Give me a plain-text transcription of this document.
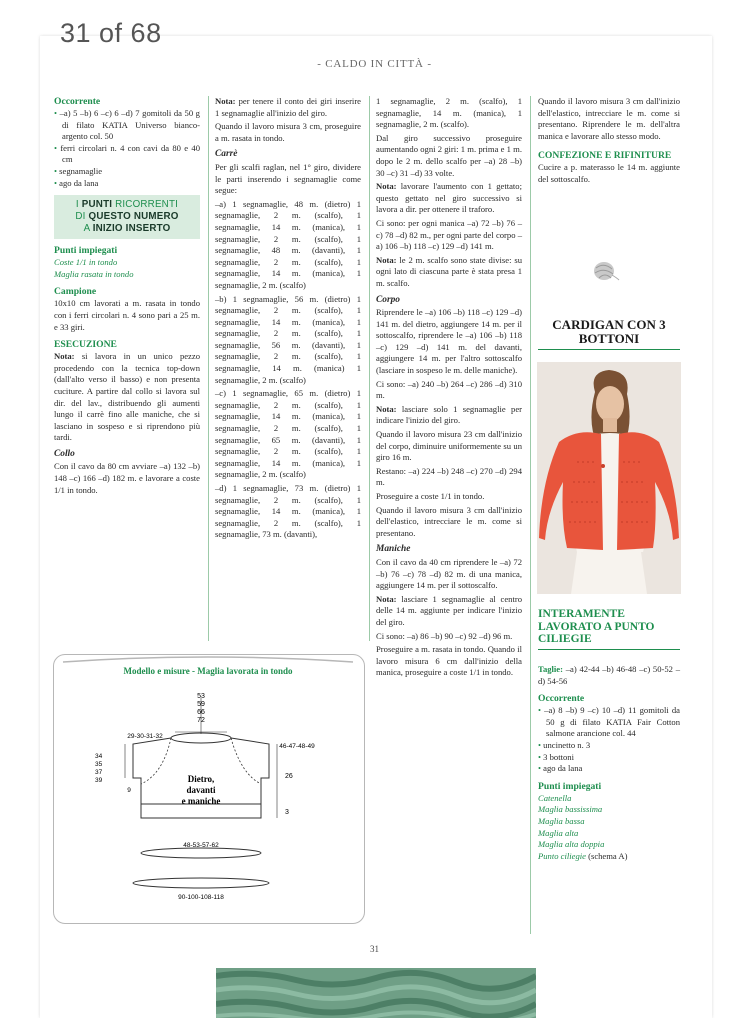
31 of 68
- CALDO IN CITTÀ -
Occorrente
• –a) 5 –b) 6 –c) 6 –d) 7 gomitoli da 50 g di filato KATIA Universo bianco-argento col. 50
• ferri circolari n. 4 con cavi da 80 e 40 cm
• segnamaglie
• ago da lana
I PUNTI RICORRENTI
DI QUESTO NUMERO
A INIZIO INSERTO
Punti impiegati
Coste 1/1 in tondo
Maglia rasata in tondo
Campione

10x10 cm lavorati a m. rasata in tondo con i ferri circolari n. 4 sono pari a 25 m. e 33 giri.

ESECUZIONE

Nota: si lavora in un unico pezzo procedendo con la tecnica top-down (dall'alto verso il basso) e non presenta cuciture. A partire dal collo si lavora sul dir. del lav., distribuendo gli aumenti lungo il carrè fino alle maniche, che si lasciano in sospeso e si riprendono più tardi.

Collo

Con il cavo da 80 cm avviare –a) 132 –b) 148 –c) 166 –d) 182 m. e lavorare a coste 1/1 in tondo.

Nota: per tenere il conto dei giri inserire 1 segnamaglie all'inizio del giro.

Quando il lavoro misura 3 cm, proseguire a m. rasata in tondo.

Carrè

Per gli scalfi raglan, nel 1° giro, dividere le parti inserendo i segnamaglie come segue:

–a) 1 segnamaglie, 48 m. (dietro) 1 segnamaglie, 2 m. (scalfo), 1 segnamaglie, 14 m. (manica), 1 segnamaglie, 2 m. (scalfo), 1 segnamaglie, 48 m. (davanti), 1 segnamaglie, 2 m. (scalfo), 1 segnamaglie, 14 m. (manica), 1 segnamaglie, 2 m. (scalfo)

–b) 1 segnamaglie, 56 m. (dietro) 1 segnamaglie, 2 m. (scalfo), 1 segnamaglie, 14 m. (manica), 1 segnamaglie, 2 m. (scalfo), 1 segnamaglie, 56 m. (davanti), 1 segnamaglie, 2 m. (scalfo), 1 segnamaglie, 14 m. (manica) 1 segnamaglie, 2 m. (scalfo)

–c) 1 segnamaglie, 65 m. (dietro) 1 segnamaglie, 2 m. (scalfo), 1 segnamaglie, 14 m. (manica), 1 segnamaglie, 2 m. (scalfo), 1 segnamaglie, 65 m. (davanti), 1 segnamaglie, 2 m. (scalfo), 1 segnamaglie, 14 m. (manica), 1 segnamaglie, 2 m. (scalfo)

–d) 1 segnamaglie, 73 m. (dietro) 1 segnamaglie, 2 m. (scalfo), 1 segnamaglie, 14 m. (manica), 1 segnamaglie, 2 m. (scalfo), 1 segnamaglie, 73 m. (davanti),

1 segnamaglie, 2 m. (scalfo), 1 segnamaglie, 14 m. (manica), 1 segnamaglie, 2 m. (scalfo).

Dal giro successivo proseguire aumentando ogni 2 giri: 1 m. prima e 1 m. dopo le 2 m. dello scalfo per –a) 28 –b) 30 –c) 31 –d) 33 volte.

Nota: lavorare l'aumento con 1 gettato; questo gettato nel giro successivo si lavora a dir. per ottenere il traforo.

Ci sono: per ogni manica –a) 72 –b) 76 –c) 78 –d) 82 m., per ogni parte del corpo –a) 106 –b) 118 –c) 129 –d) 141 m.

Nota: le 2 m. scalfo sono state divise: su ogni lato di ciascuna parte è stata presa 1 m. scalfo.

Corpo

Riprendere le –a) 106 –b) 118 –c) 129 –d) 141 m. del dietro, aggiungere 14 m. per il sottoscalfo, riprendere le –a) 106 –b) 118 –c) 129 –d) 141 m. del davanti, aggiungere 14 m. per l'altro sottoscalfo (lasciare in sospeso le m. delle maniche).

Ci sono: –a) 240 –b) 264 –c) 286 –d) 310 m.

Nota: lasciare solo 1 segnamaglie per indicare l'inizio del giro.

Quando il lavoro misura 23 cm dall'inizio del corpo, diminuire uniformemente su un giro 16 m.

Restano: –a) 224 –b) 248 –c) 270 –d) 294 m.

Proseguire a coste 1/1 in tondo.

Quando il lavoro misura 3 cm dall'inizio dell'elastico, intrecciare le m. come si presentano.

Maniche

Con il cavo da 40 cm riprendere le –a) 72 –b) 76 –c) 78 –d) 82 m. di una manica, aggiungere 14 m. per il sottoscalfo.

Nota: lasciare 1 segnamaglie al centro delle 14 m. aggiunte per indicare l'inizio del giro.

Ci sono: –a) 86 –b) 90 –c) 92 –d) 96 m.

Proseguire a m. rasata in tondo. Quando il lavoro misura 6 cm dall'inizio della manica, proseguire a coste 1/1 in tondo.

Quando il lavoro misura 3 cm dall'inizio dell'elastico, intrecciare le m. come si presentano. Riprendere le m. dell'altra manica e lavorare allo stesso modo.

CONFEZIONE E RIFINITURE

Cucire a p. materasso le 14 m. aggiunte del sottoscalfo.

CARDIGAN CON 3 BOTTONI
INTERAMENTE LAVORATO A PUNTO CILIEGIE

Taglie: –a) 42-44 –b) 46-48 –c) 50-52 –d) 54-56

Occorrente
• –a) 8 –b) 9 –c) 10 –d) 11 gomitoli da 50 g di filato KATIA Fair Cotton salmone arancione col. 44
• uncinetto n. 3
• 3 bottoni
• ago da lana
Punti impiegati
Catenella
Maglia bassissima
Maglia bassa
Maglia alta
Maglia alta doppia
Punto ciliegie (schema A)
Modello e misure - Maglia lavorata in tondo
53
59
66
72
29-30-31-32
34
35
37
39
9
46-47-48-49
26
3
Dietro,
davanti
e maniche
48-53-57-62
90-100-108-118
31
